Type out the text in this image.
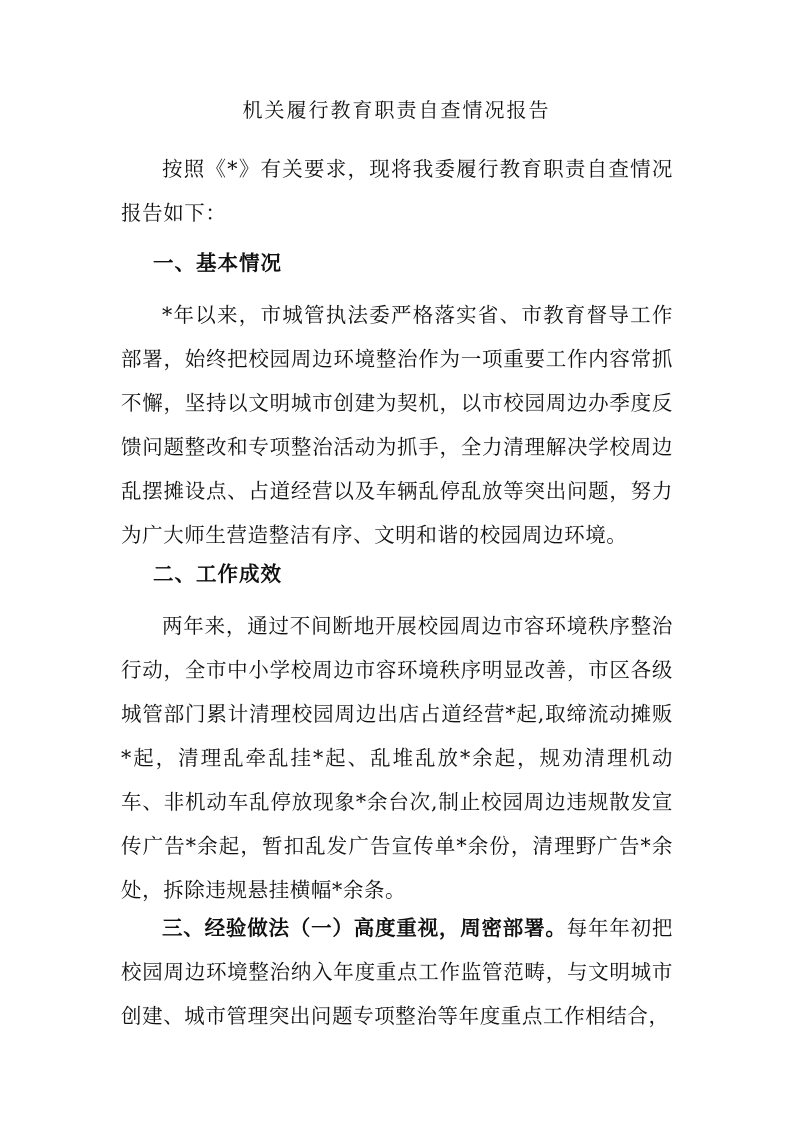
机关履行教育职责自查情况报告
按照《*》有关要求，现将我委履行教育职责自查情况报告如下：
一、基本情况
*年以来，市城管执法委严格落实省、市教育督导工作部署，始终把校园周边环境整治作为一项重要工作内容常抓不懈，坚持以文明城市创建为契机，以市校园周边办季度反馈问题整改和专项整治活动为抓手，全力清理解决学校周边乱摆摊设点、占道经营以及车辆乱停乱放等突出问题，努力为广大师生营造整洁有序、文明和谐的校园周边环境。
二、工作成效
两年来，通过不间断地开展校园周边市容环境秩序整治行动，全市中小学校周边市容环境秩序明显改善，市区各级城管部门累计清理校园周边出店占道经营*起,取缔流动摊贩*起，清理乱牵乱挂*起、乱堆乱放*余起，规劝清理机动车、非机动车乱停放现象*余台次,制止校园周边违规散发宣传广告*余起，暂扣乱发广告宣传单*余份，清理野广告*余处，拆除违规悬挂横幅*余条。
三、经验做法（一）高度重视，周密部署。每年年初把校园周边环境整治纳入年度重点工作监管范畴，与文明城市创建、城市管理突出问题专项整治等年度重点工作相结合，
